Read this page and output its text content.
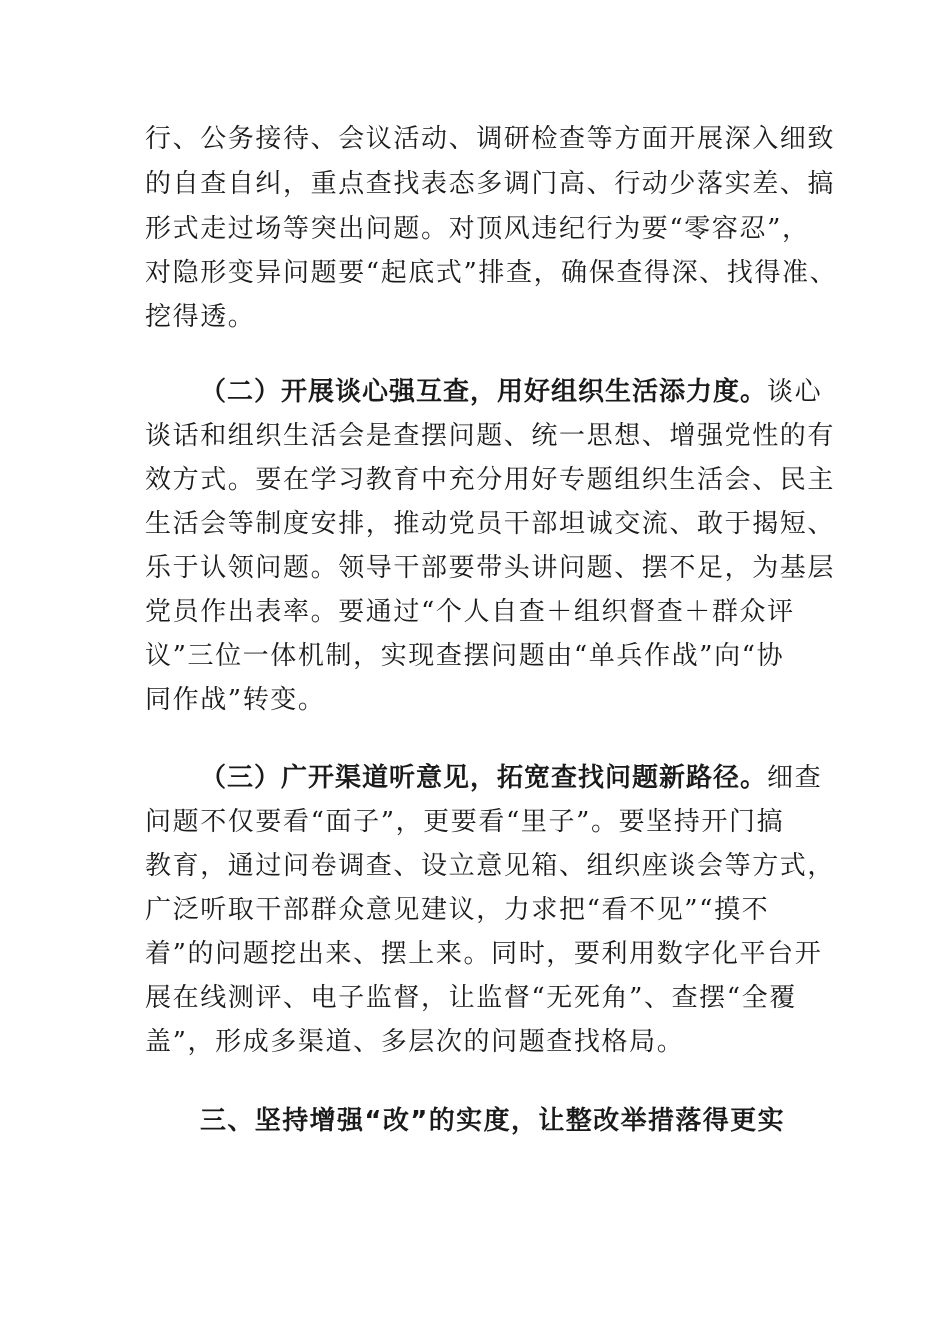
行、公务接待、会议活动、调研检查等方面开展深入细致
的自查自纠，重点查找表态多调门高、行动少落实差、搞
形式走过场等突出问题。对顶风违纪行为要“零容忍”，
对隐形变异问题要“起底式”排查，确保查得深、找得准、
挖得透。
（二）开展谈心强互查，用好组织生活添力度。谈心
谈话和组织生活会是查摆问题、统一思想、增强党性的有
效方式。要在学习教育中充分用好专题组织生活会、民主
生活会等制度安排，推动党员干部坦诚交流、敢于揭短、
乐于认领问题。领导干部要带头讲问题、摆不足，为基层
党员作出表率。要通过“个人自查＋组织督查＋群众评
议”三位一体机制，实现查摆问题由“单兵作战”向“协
同作战”转变。
（三）广开渠道听意见，拓宽查找问题新路径。细查
问题不仅要看“面子”，更要看“里子”。要坚持开门搞
教育，通过问卷调查、设立意见箱、组织座谈会等方式，
广泛听取干部群众意见建议，力求把“看不见”“摸不
着”的问题挖出来、摆上来。同时，要利用数字化平台开
展在线测评、电子监督，让监督“无死角”、查摆“全覆
盖”，形成多渠道、多层次的问题查找格局。
三、坚持增强“改”的实度，让整改举措落得更实
